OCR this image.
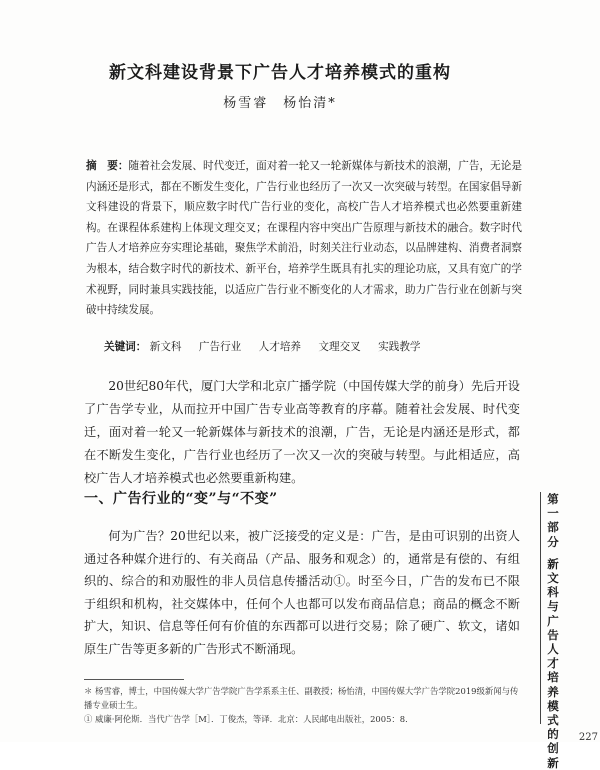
新文科建设背景下广告人才培养模式的重构
杨雪睿　杨怡清*
摘　要：随着社会发展、时代变迁，面对着一轮又一轮新媒体与新技术的浪潮，广告，无论是内涵还是形式，都在不断发生变化，广告行业也经历了一次又一次突破与转型。在国家倡导新文科建设的背景下，顺应数字时代广告行业的变化，高校广告人才培养模式也必然要重新建构。在课程体系建构上体现文理交叉；在课程内容中突出广告原理与新技术的融合。数字时代广告人才培养应夯实理论基础，聚焦学术前沿，时刻关注行业动态，以品牌建构、消费者洞察为根本，结合数字时代的新技术、新平台，培养学生既具有扎实的理论功底，又具有宽广的学术视野，同时兼具实践技能，以适应广告行业不断变化的人才需求，助力广告行业在创新与突破中持续发展。
关键词： 新文科 广告行业 人才培养 文理交叉 实践教学
20世纪80年代，厦门大学和北京广播学院（中国传媒大学的前身）先后开设了广告学专业，从而拉开中国广告专业高等教育的序幕。随着社会发展、时代变迁，面对着一轮又一轮新媒体与新技术的浪潮，广告，无论是内涵还是形式，都在不断发生变化，广告行业也经历了一次又一次的突破与转型。与此相适应，高校广告人才培养模式也必然要重新构建。
一、广告行业的“变”与“不变”
何为广告？20世纪以来，被广泛接受的定义是：广告，是由可识别的出资人通过各种媒介进行的、有关商品（产品、服务和观念）的，通常是有偿的、有组织的、综合的和劝服性的非人员信息传播活动①。时至今日，广告的发布已不限于组织和机构，社交媒体中，任何个人也都可以发布商品信息；商品的概念不断扩大，知识、信息等任何有价值的东西都可以进行交易；除了硬广、软文，诸如原生广告等更多新的广告形式不断涌现。

＊ 杨雪睿，博士，中国传媒大学广告学院广告学系系主任、副教授；杨怡清，中国传媒大学广告学院2019级新闻与传播专业硕士生。

① 威廉·阿伦斯．当代广告学［M］．丁俊杰，等译．北京：人民邮电出版社，2005：8．

第一部分
新文科与广告人才培养模式的创新
227
